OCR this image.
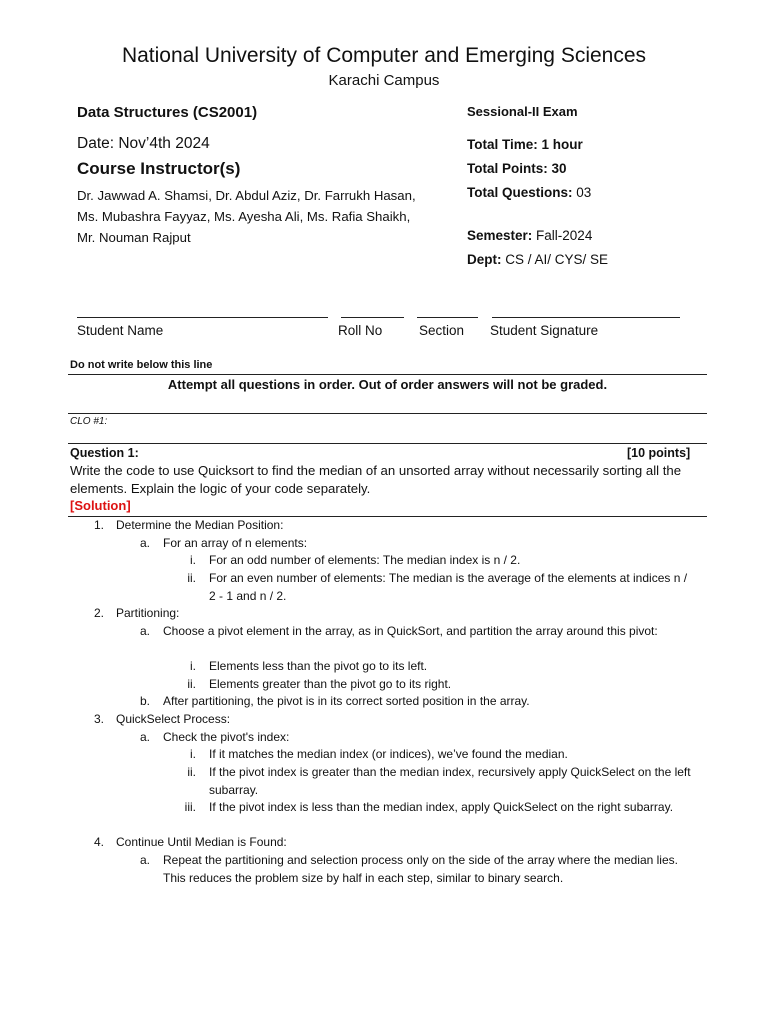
National University of Computer and Emerging Sciences
Karachi Campus
Data Structures (CS2001)
Date: Nov’4th 2024
Course Instructor(s)
Dr. Jawwad A. Shamsi, Dr. Abdul Aziz, Dr. Farrukh Hasan, Ms. Mubashra Fayyaz, Ms. Ayesha Ali, Ms. Rafia Shaikh, Mr. Nouman Rajput
Sessional-II Exam
Total Time: 1 hour
Total Points: 30
Total Questions: 03
Semester: Fall-2024
Dept: CS / AI/ CYS/ SE
Student Name	Roll No	Section Student Signature
Do not write below this line
Attempt all questions in order. Out of order answers will not be graded.
CLO #1:
Question 1:	[10 points]
Write the code to use Quicksort to find the median of an unsorted array without necessarily sorting all the elements. Explain the logic of your code separately.
[Solution]
1. Determine the Median Position:
a. For an array of n elements:
i. For an odd number of elements: The median index is n / 2.
ii. For an even number of elements: The median is the average of the elements at indices n / 2 - 1 and n / 2.
2. Partitioning:
a. Choose a pivot element in the array, as in QuickSort, and partition the array around this pivot:
i. Elements less than the pivot go to its left.
ii. Elements greater than the pivot go to its right.
b. After partitioning, the pivot is in its correct sorted position in the array.
3. QuickSelect Process:
a. Check the pivot's index:
i. If it matches the median index (or indices), we’ve found the median.
ii. If the pivot index is greater than the median index, recursively apply QuickSelect on the left subarray.
iii. If the pivot index is less than the median index, apply QuickSelect on the right subarray.
4. Continue Until Median is Found:
a. Repeat the partitioning and selection process only on the side of the array where the median lies. This reduces the problem size by half in each step, similar to binary search.
